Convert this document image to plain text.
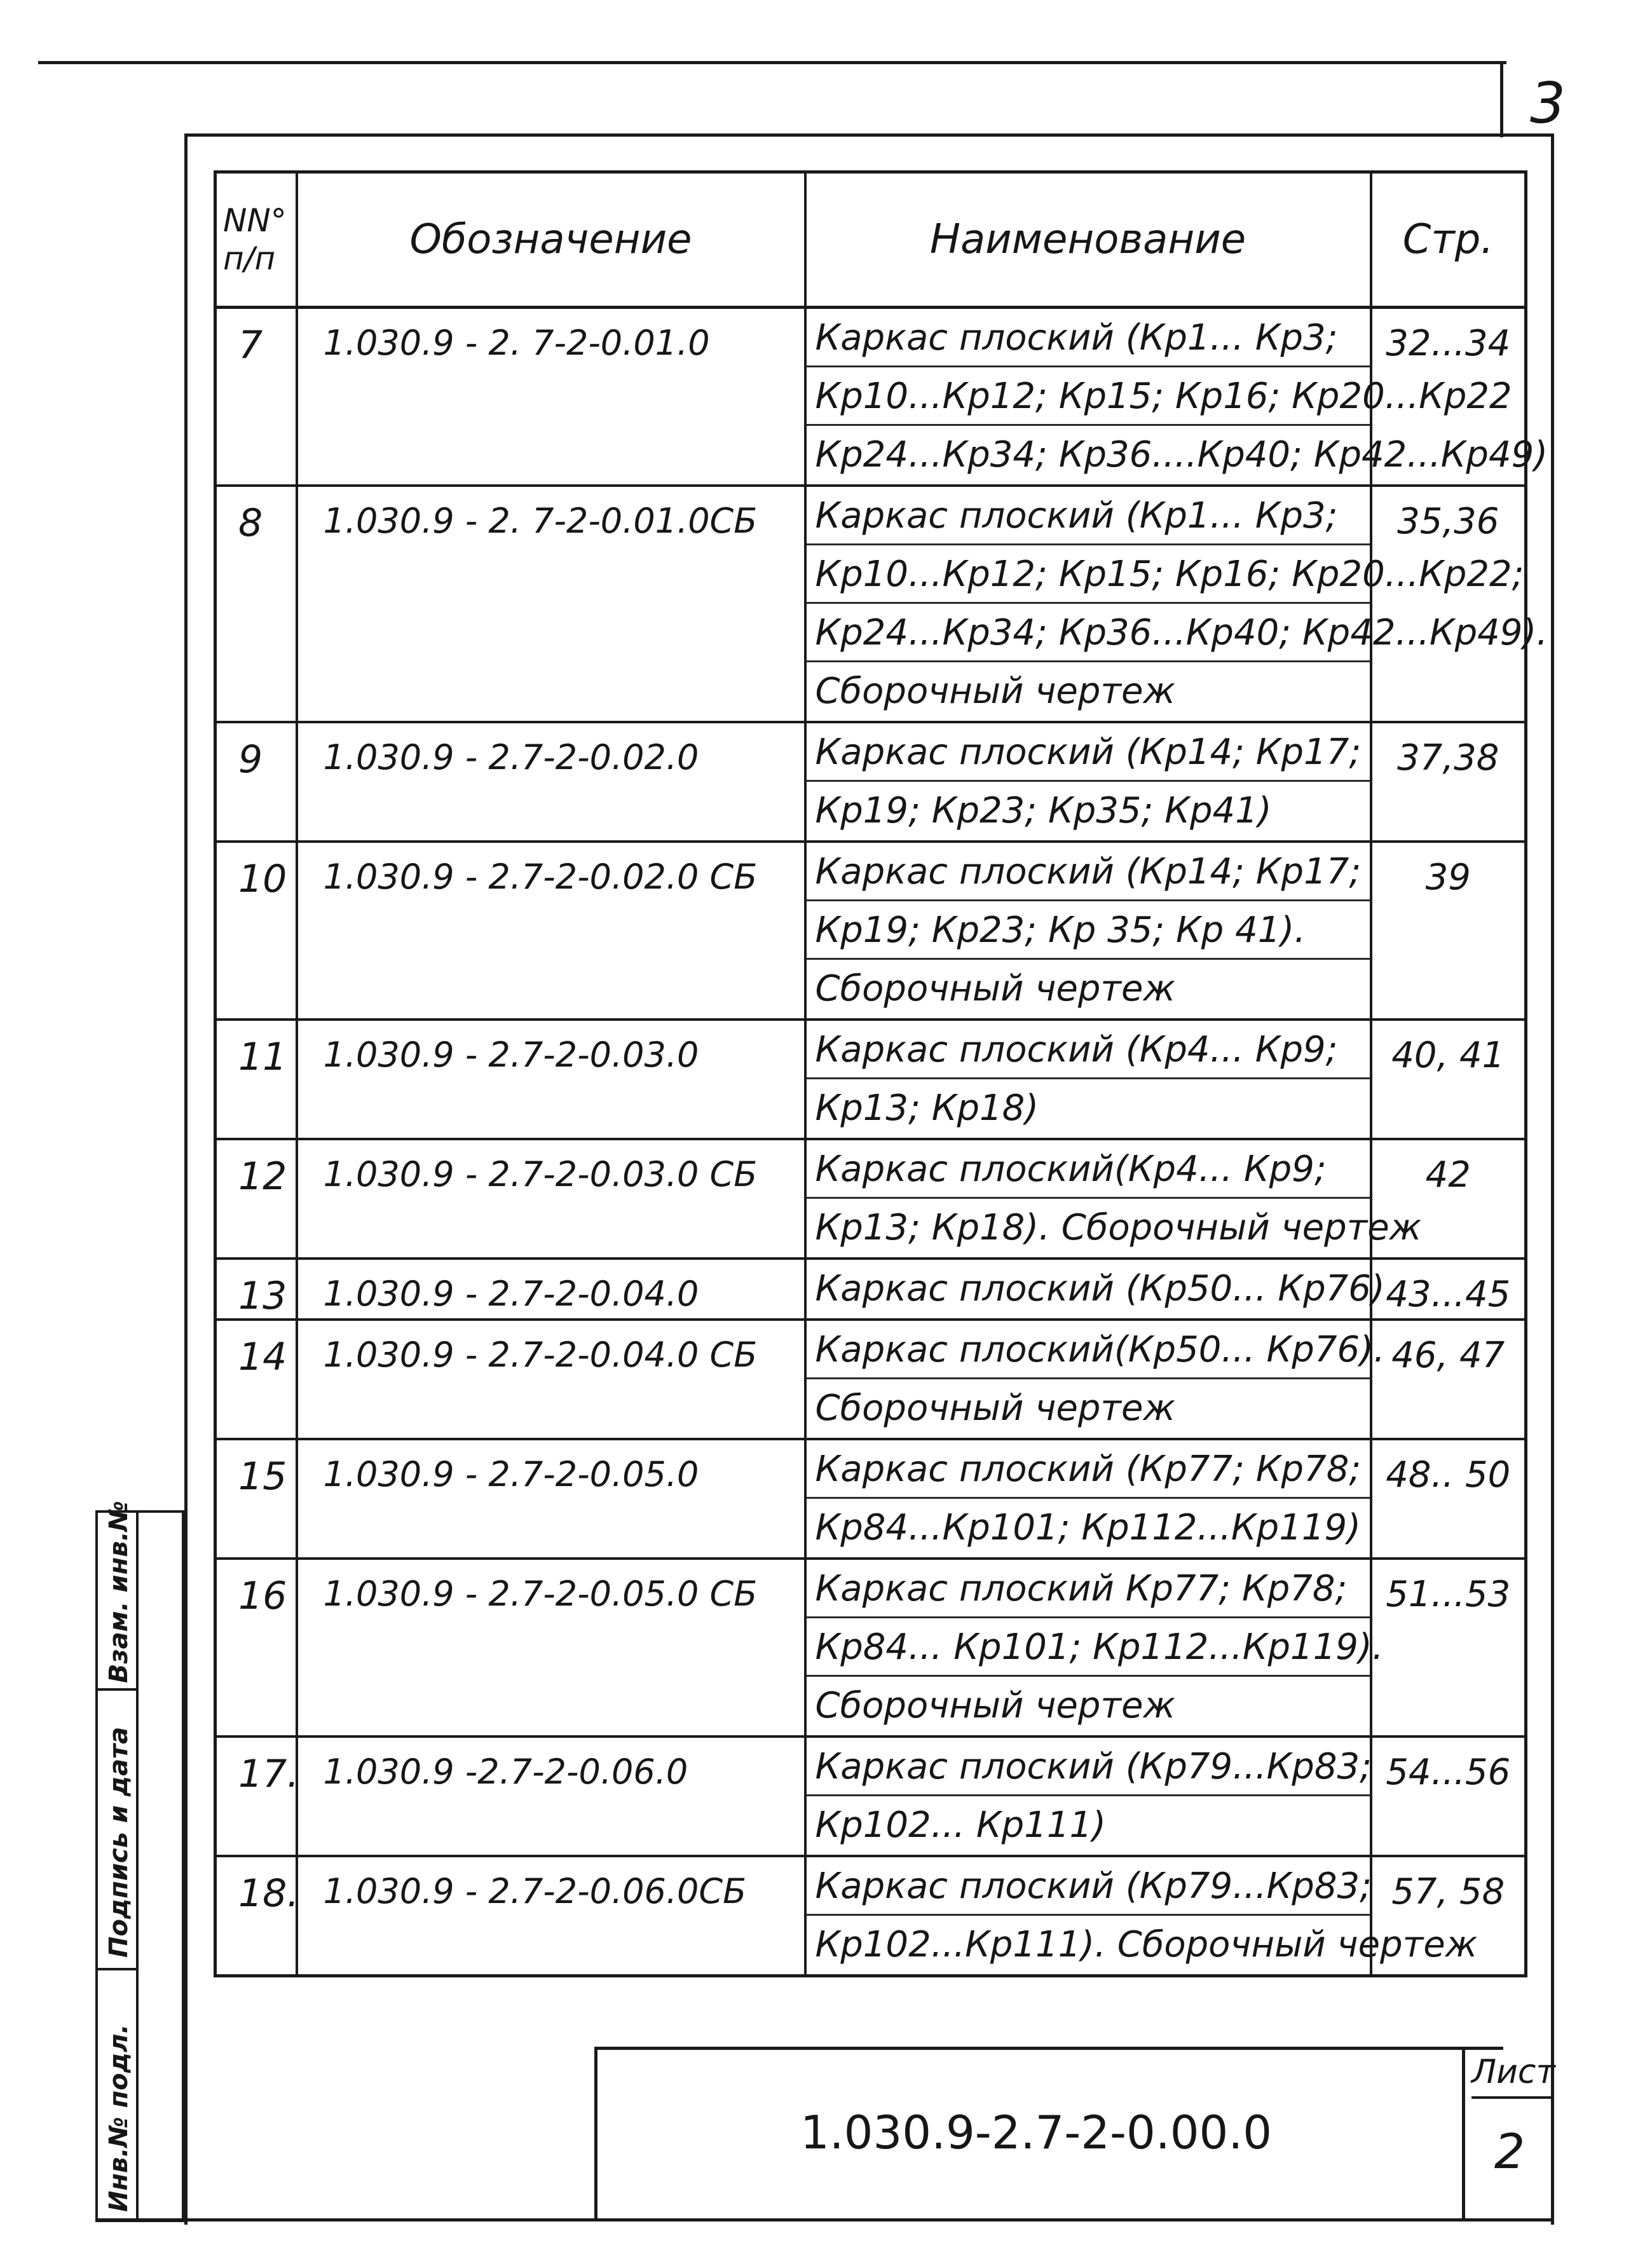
3
NN° п/п	Обозначение	Наименование	Стр.
7	1.030.9 - 2. 7-2-0.01.0	Каркас плоский (Кр1... Кр3;
Кр10...Кр12; Кр15; Кр16; Кр20...Кр22
Кр24...Кр34; Кр36....Кр40; Кр42...Кр49)	32...34
8	1.030.9 - 2. 7-2-0.01.0СБ	Каркас плоский (Кр1... Кр3;
Кр10...Кр12; Кр15; Кр16; Кр20...Кр22;
Кр24...Кр34; Кр36...Кр40; Кр42...Кр49).
Сборочный чертеж	35,36
9	1.030.9 - 2.7-2-0.02.0	Каркас плоский (Кр14; Кр17;
Кр19; Кр23; Кр35; Кр41)	37,38
10	1.030.9 - 2.7-2-0.02.0 СБ	Каркас плоский (Кр14; Кр17;
Кр19; Кр23; Кр 35; Кр 41).
Сборочный чертеж	39
11	1.030.9 - 2.7-2-0.03.0	Каркас плоский (Кр4... Кр9;
Кр13; Кр18)	40, 41
12	1.030.9 - 2.7-2-0.03.0 СБ	Каркас плоский(Кр4... Кр9;
Кр13; Кр18). Сборочный чертеж	42
13	1.030.9 - 2.7-2-0.04.0	Каркас плоский (Кр50... Кр76)	43...45
14	1.030.9 - 2.7-2-0.04.0 СБ	Каркас плоский(Кр50... Кр76).
Сборочный чертеж	46, 47
15	1.030.9 - 2.7-2-0.05.0	Каркас плоский (Кр77; Кр78;
Кр84...Кр101; Кр112...Кр119)	48.. 50
16	1.030.9 - 2.7-2-0.05.0 СБ	Каркас плоский Кр77; Кр78;
Кр84... Кр101; Кр112...Кр119).
Сборочный чертеж	51...53
17.	1.030.9 -2.7-2-0.06.0	Каркас плоский (Кр79...Кр83;
Кр102... Кр111)	54...56
18.	1.030.9 - 2.7-2-0.06.0СБ	Каркас плоский (Кр79...Кр83;
Кр102...Кр111). Сборочный чертеж	57, 58
Взам. инв.№
Подпись и дата
Инв.№ подл.	1.030.9-2.7-2-0.00.0
Лист
2
